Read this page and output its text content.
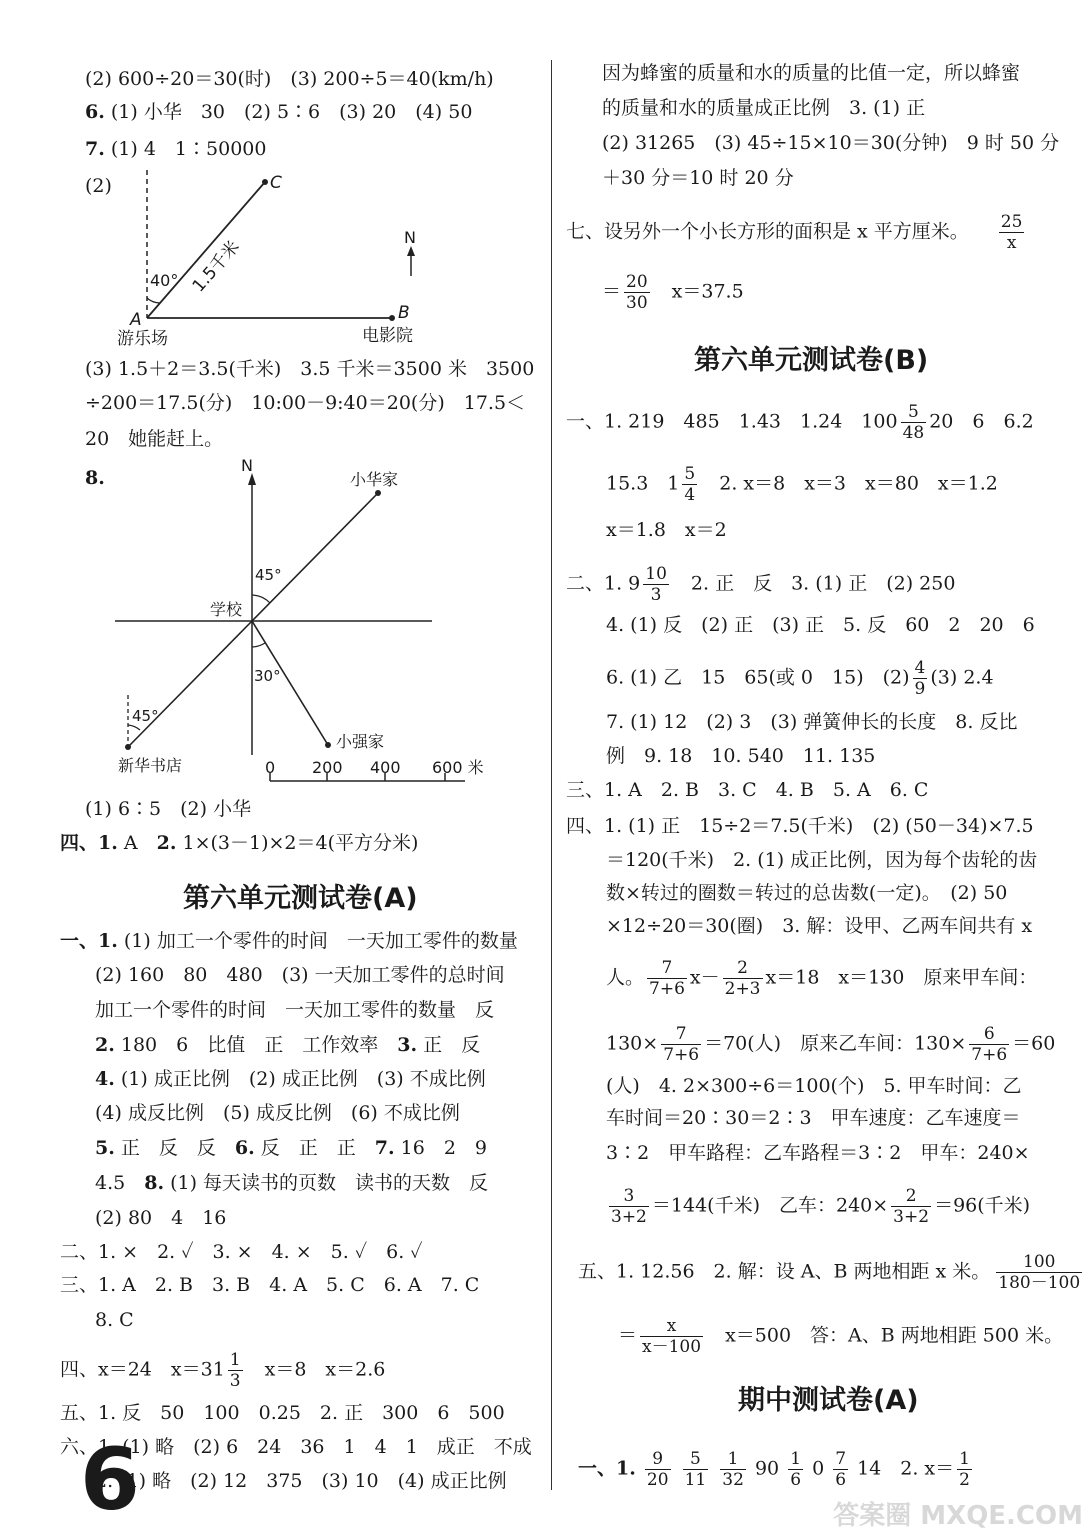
(2) 600÷20＝30(时)　(3) 200÷5＝40(km/h)
6. (1) 小华　30　(2) 5∶6　(3) 20　(4) 50
7. (1) 4　1∶50000
(2)	C
B
A
40° 1.5千米	N
游乐场	电影院
(3) 1.5＋2＝3.5(千米)　3.5 千米＝3500 米　3500
÷200＝17.5(分)　10:00－9:40＝20(分)　17.5＜
20　她能赶上。
8.
N
小华家
45°
学校
小强家
30°
45°
新华书店	0 200 400 600 米
(1) 6∶5　(2) 小华
四、1. A　2. 1×(3－1)×2＝4(平方分米)
第六单元测试卷(A)
一、1. (1) 加工一个零件的时间　一天加工零件的数量
(2) 160　80　480　(3) 一天加工零件的总时间
加工一个零件的时间　一天加工零件的数量　反
2. 180　6　比值　正　工作效率　3. 正　反
4. (1) 成正比例　(2) 成正比例　(3) 不成比例
(4) 成反比例　(5) 成反比例　(6) 不成比例
5. 正　反　反　6. 反　正　正　7. 16　2　9
4.5　8. (1) 每天读书的页数　读书的天数　反
(2) 80　4　16
二、1. ×　2. ✓　3. ×　4. ×　5. ✓　6. ✓
三、1. A　2. B　3. B　4. A　5. C　6. A　7. C
8. C
四、x＝24　$x=31 \frac{1}{3}$ 　x＝8　x＝2.6
五、1. 反　50　100　0.25　2. 正　300　6　500
六、1. (1) 略　(2) 6　24　36　1　4　1　成正　不成
2. (1) 略　(2) 12　375　(3) 10　(4) 成正比例
6
因为蜂蜜的质量和水的质量的比值一定，所以蜂蜜
的质量和水的质量成正比例　3. (1) 正
(2) 31265　(3) 45÷15×10＝30(分钟)　9 时 50 分
＋30 分＝10 时 20 分
七、设另外一个小长方形的面积是 x 平方厘米。 $\frac{25}{x}$
＝ $\frac{20}{30}$ 　x＝37.5
第六单元测试卷(B)
一、1. 219　485　1.43　1.24　$100 \frac{5}{48} 20$　6　6.2
15.3　$1 \frac{5}{4}$ 　2. x＝8　x＝3　x＝80　x＝1.2
x＝1.8　x＝2
二、1. $9 \frac{10}{3}$ 　2. 正　反　3. (1) 正　(2) 250
4. (1) 反　(2) 正　(3) 正　5. 反　60　2　20　6
6. (1) 乙　15　65(或 0　15)　$(2) \frac{4}{9} (3)$ 2.4
7. (1) 12　(2) 3　(3) 弹簧伸长的长度　8. 反比
例　9. 18　10. 540　11. 135
三、1. A　2. B　3. C　4. B　5. A　6. C
四、1. (1) 正　15÷2＝7.5(千米)　(2) (50－34)×7.5
＝120(千米)　2. (1) 成正比例，因为每个齿轮的齿
数×转过的圈数＝转过的总齿数(一定)。　(2) 50
×12÷20＝30(圈)　3. 解：设甲、乙两车间共有 x
人。 $\frac{7}{7+6} x- \frac{2}{2+3} x=18$　x＝130　原来甲车间：
$130\times \frac{7}{7+6} =70$(人)　原来乙车间：$130\times \frac{6}{7+6} =60$
(人)　4. 2×300÷6＝100(个)　5. 甲车时间：乙
车时间＝20∶30＝2∶3　甲车速度：乙车速度＝
3∶2　甲车路程：乙车路程＝3∶2　甲车：240×
$\frac{3}{3+2} =144$(千米)　乙车：$240\times \frac{2}{3+2} =96$(千米)
五、1. 12.56　2. 解：设 A、B 两地相距 x 米。 $\frac{100}{180-100}$
＝ $\frac{x}{x-100}$ 　x＝500　答：A、B 两地相距 500 米。
期中测试卷(A)
一、1. $\frac{9}{20}$
$\frac{5}{11}$
$\frac{1}{32} 90 \frac{1}{6} 0 \frac{7}{6} 14$　2. $x= \frac{1}{2}$
答案圈 MXQE.COM
